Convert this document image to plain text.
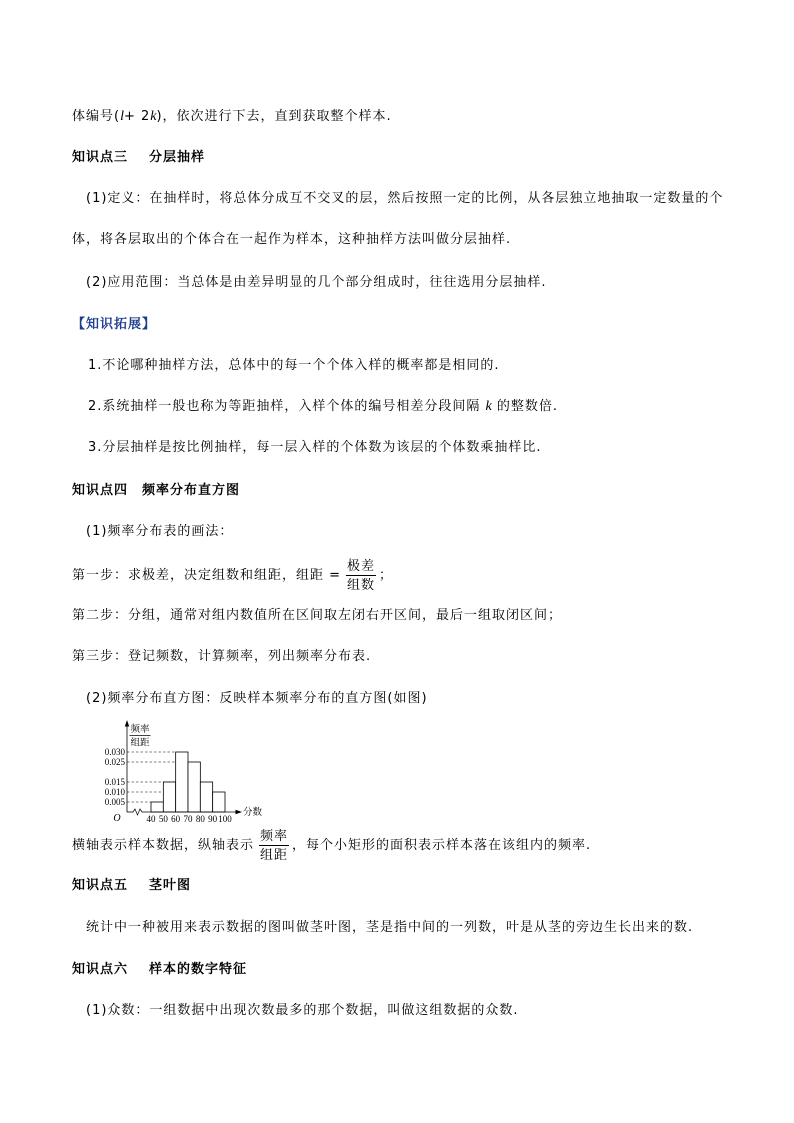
体编号(l+ 2k)，依次进行下去，直到获取整个样本.
知识点三 分层抽样
(1)定义：在抽样时，将总体分成互不交叉的层，然后按照一定的比例，从各层独立地抽取一定数量的个
体，将各层取出的个体合在一起作为样本，这种抽样方法叫做分层抽样.
(2)应用范围：当总体是由差异明显的几个部分组成时，往往选用分层抽样.
【知识拓展】
1.不论哪种抽样方法，总体中的每一个个体入样的概率都是相同的.
2.系统抽样一般也称为等距抽样，入样个体的编号相差分段间隔 k 的整数倍.
3.分层抽样是按比例抽样，每一层入样的个体数为该层的个体数乘抽样比.
知识点四 频率分布直方图
(1)频率分布表的画法：
第一步：求极差，决定组数和组距，组距 = $\frac{\text{极差}}{\text{组数}}$ ；
第二步：分组，通常对组内数值所在区间取左闭右开区间，最后一组取闭区间；
第三步：登记频数，计算频率，列出频率分布表.
(2)频率分布直方图：反映样本频率分布的直方图(如图)
0.030
0.025
0.015
0.010
0.005
40 50 60 70 80 90 100
频率
组距
O
分数
横轴表示样本数据，纵轴表示 $\frac{\text{频率}}{\text{组距}}$ ，每个小矩形的面积表示样本落在该组内的频率.
知识点五 茎叶图
统计中一种被用来表示数据的图叫做茎叶图，茎是指中间的一列数，叶是从茎的旁边生长出来的数.
知识点六 样本的数字特征
(1)众数：一组数据中出现次数最多的那个数据，叫做这组数据的众数.
